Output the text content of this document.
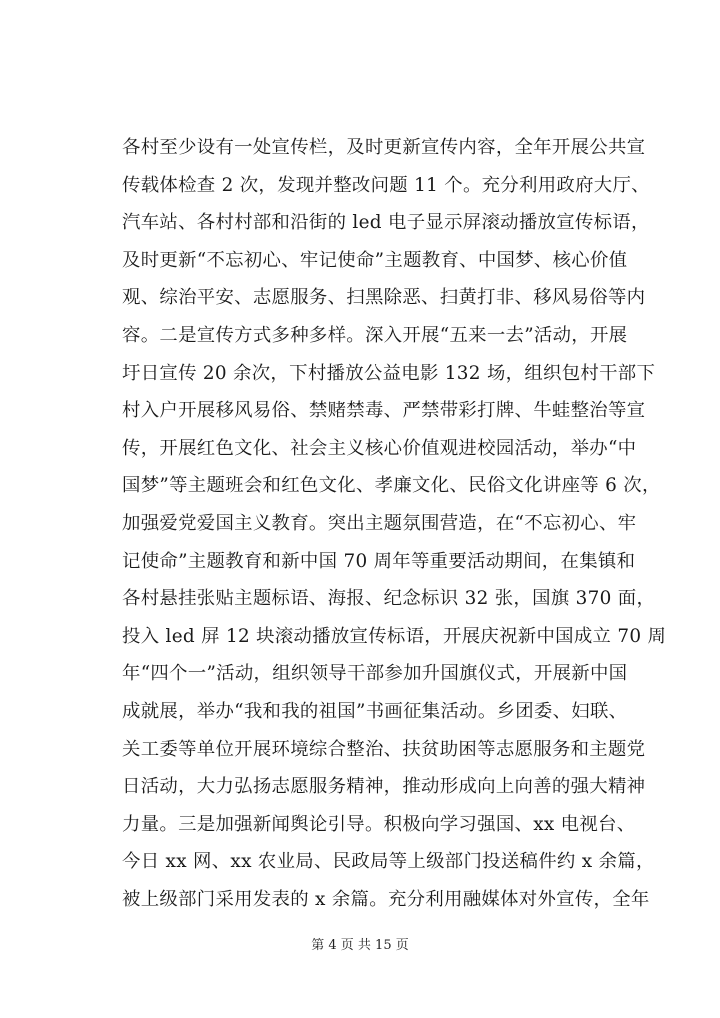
各村至少设有一处宣传栏，及时更新宣传内容，全年开展公共宣
传载体检查 2 次，发现并整改问题 11 个。充分利用政府大厅、
汽车站、各村村部和沿街的 led 电子显示屏滚动播放宣传标语，
及时更新“不忘初心、牢记使命”主题教育、中国梦、核心价值
观、综治平安、志愿服务、扫黑除恶、扫黄打非、移风易俗等内
容。二是宣传方式多种多样。深入开展“五来一去”活动，开展
圩日宣传 20 余次，下村播放公益电影 132 场，组织包村干部下
村入户开展移风易俗、禁赌禁毒、严禁带彩打牌、牛蛙整治等宣
传，开展红色文化、社会主义核心价值观进校园活动，举办“中
国梦”等主题班会和红色文化、孝廉文化、民俗文化讲座等 6 次，
加强爱党爱国主义教育。突出主题氛围营造，在“不忘初心、牢
记使命”主题教育和新中国 70 周年等重要活动期间，在集镇和
各村悬挂张贴主题标语、海报、纪念标识 32 张，国旗 370 面，
投入 led 屏 12 块滚动播放宣传标语，开展庆祝新中国成立 70 周
年“四个一”活动，组织领导干部参加升国旗仪式，开展新中国
成就展，举办“我和我的祖国”书画征集活动。乡团委、妇联、
关工委等单位开展环境综合整治、扶贫助困等志愿服务和主题党
日活动，大力弘扬志愿服务精神，推动形成向上向善的强大精神
力量。三是加强新闻舆论引导。积极向学习强国、xx 电视台、
今日 xx 网、xx 农业局、民政局等上级部门投送稿件约 x 余篇，
被上级部门采用发表的 x 余篇。充分利用融媒体对外宣传，全年
第 4 页 共 15 页
